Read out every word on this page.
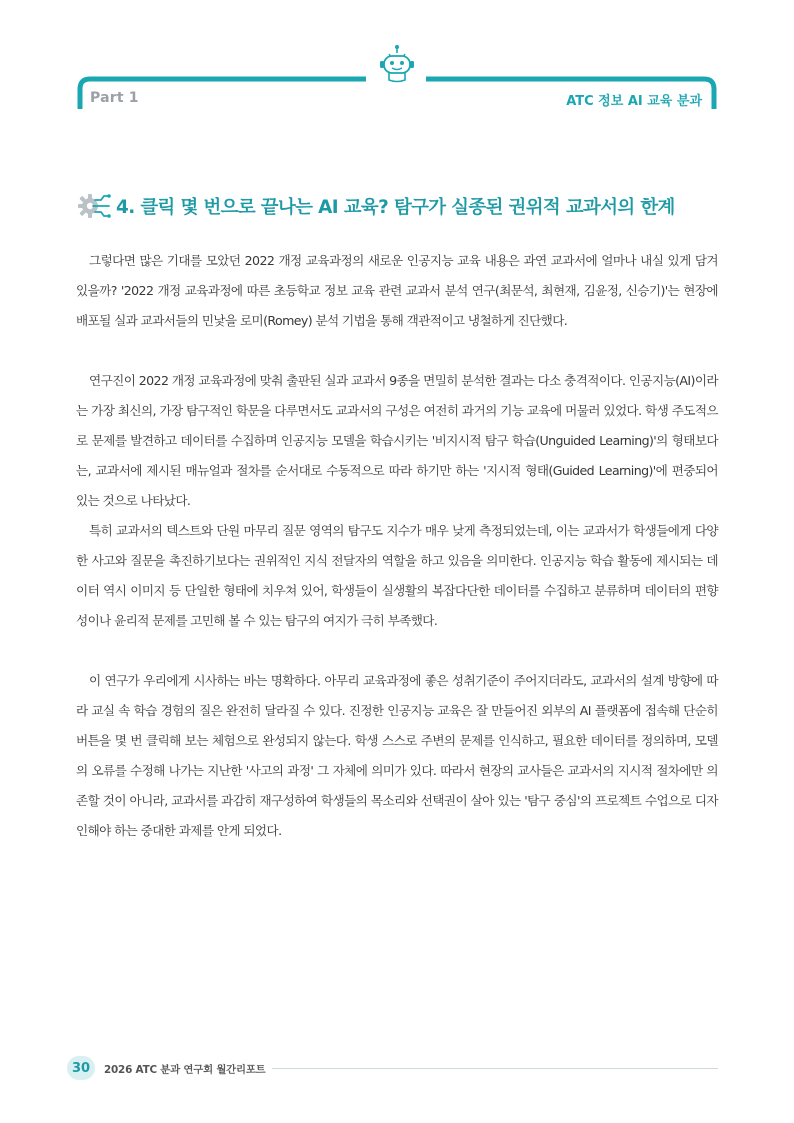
Part 1	ATC 정보 AI 교육 분과
4. 클릭 몇 번으로 끝나는 AI 교육? 탐구가 실종된 권위적 교과서의 한계

그렇다면 많은 기대를 모았던 2022 개정 교육과정의 새로운 인공지능 교육 내용은 과연 교과서에 얼마나 내실 있게 담겨 있을까? '2022 개정 교육과정에 따른 초등학교 정보 교육 관련 교과서 분석 연구(최문석, 최현재, 김윤정, 신승기)'는 현장에 배포될 실과 교과서들의 민낯을 로미(Romey) 분석 기법을 통해 객관적이고 냉철하게 진단했다.

연구진이 2022 개정 교육과정에 맞춰 출판된 실과 교과서 9종을 면밀히 분석한 결과는 다소 충격적이다. 인공지능(AI)이라는 가장 최신의, 가장 탐구적인 학문을 다루면서도 교과서의 구성은 여전히 과거의 기능 교육에 머물러 있었다. 학생 주도적으로 문제를 발견하고 데이터를 수집하며 인공지능 모델을 학습시키는 '비지시적 탐구 학습(Unguided Learning)'의 형태보다는, 교과서에 제시된 매뉴얼과 절차를 순서대로 수동적으로 따라 하기만 하는 '지시적 형태(Guided Learning)'에 편중되어 있는 것으로 나타났다.

특히 교과서의 텍스트와 단원 마무리 질문 영역의 탐구도 지수가 매우 낮게 측정되었는데, 이는 교과서가 학생들에게 다양한 사고와 질문을 촉진하기보다는 권위적인 지식 전달자의 역할을 하고 있음을 의미한다. 인공지능 학습 활동에 제시되는 데이터 역시 이미지 등 단일한 형태에 치우쳐 있어, 학생들이 실생활의 복잡다단한 데이터를 수집하고 분류하며 데이터의 편향성이나 윤리적 문제를 고민해 볼 수 있는 탐구의 여지가 극히 부족했다.

이 연구가 우리에게 시사하는 바는 명확하다. 아무리 교육과정에 좋은 성취기준이 주어지더라도, 교과서의 설계 방향에 따라 교실 속 학습 경험의 질은 완전히 달라질 수 있다. 진정한 인공지능 교육은 잘 만들어진 외부의 AI 플랫폼에 접속해 단순히 버튼을 몇 번 클릭해 보는 체험으로 완성되지 않는다. 학생 스스로 주변의 문제를 인식하고, 필요한 데이터를 정의하며, 모델의 오류를 수정해 나가는 지난한 '사고의 과정' 그 자체에 의미가 있다. 따라서 현장의 교사들은 교과서의 지시적 절차에만 의존할 것이 아니라, 교과서를 과감히 재구성하여 학생들의 목소리와 선택권이 살아 있는 '탐구 중심'의 프로젝트 수업으로 디자인해야 하는 중대한 과제를 안게 되었다.

30	2026 ATC 분과 연구회 월간리포트
